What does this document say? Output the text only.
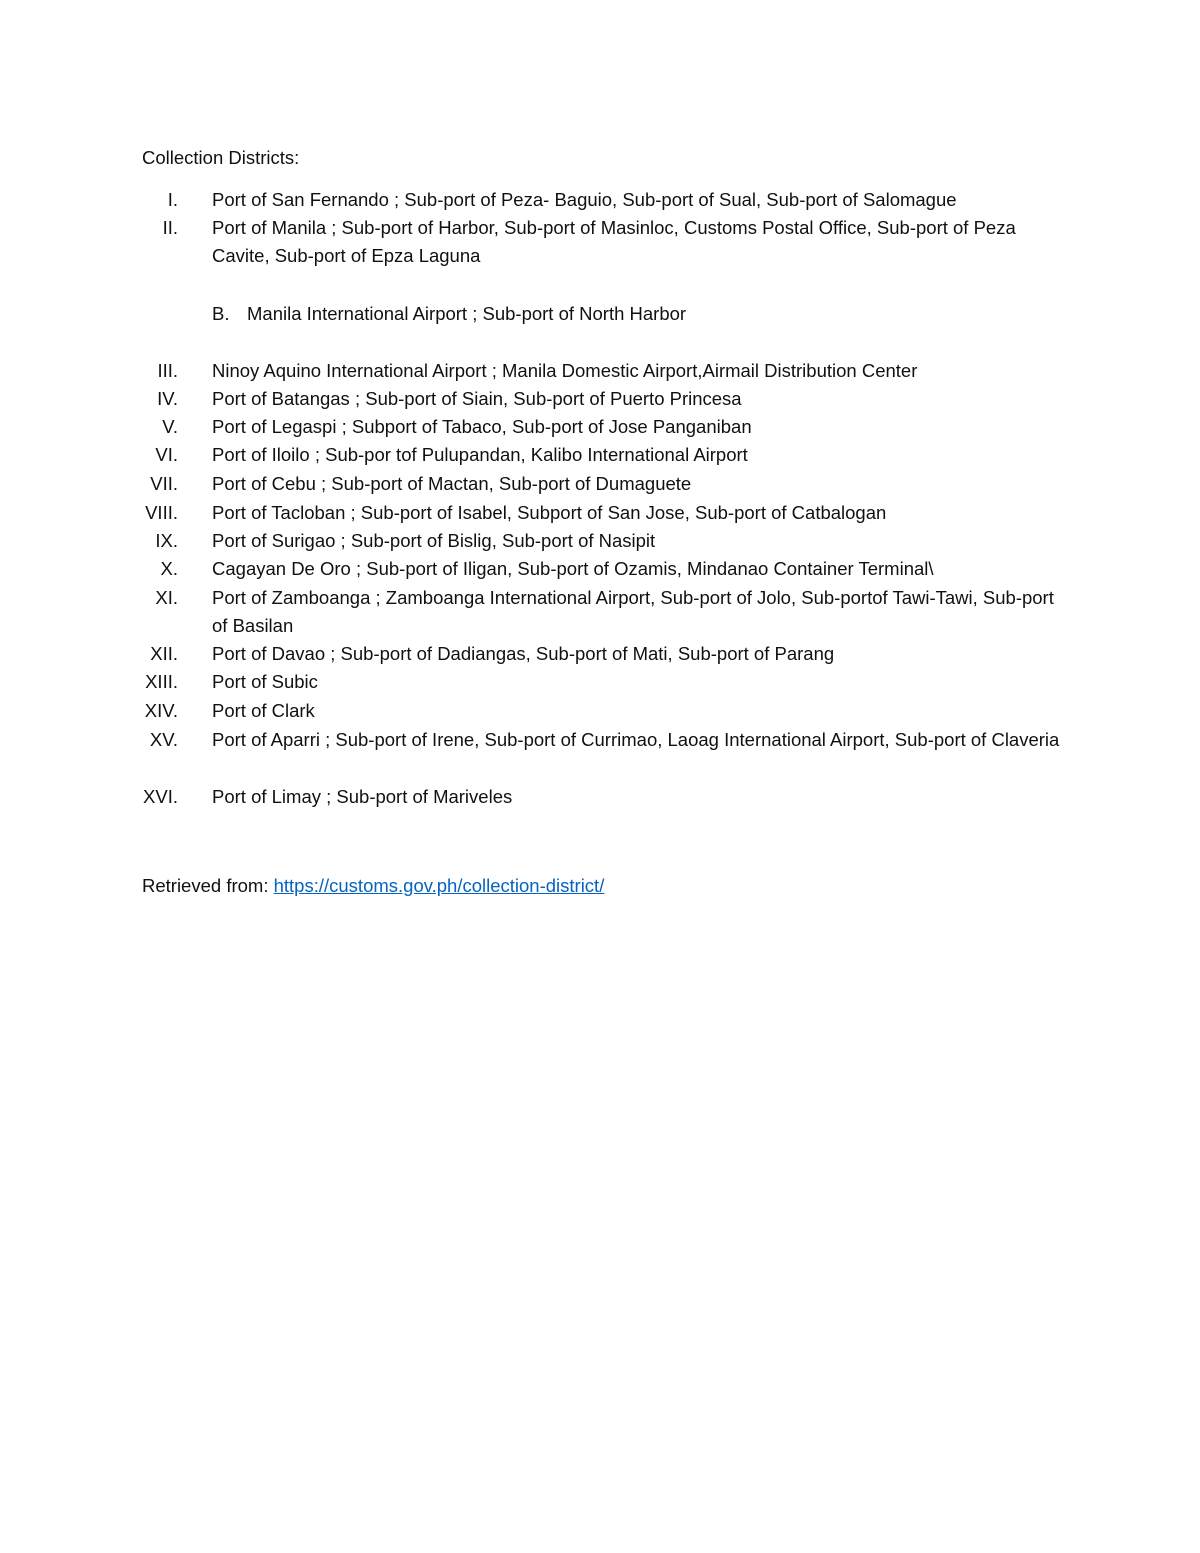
Collection Districts:
I. Port of San Fernando ; Sub-port of Peza- Baguio, Sub-port of Sual, Sub-port of Salomague
II. Port of Manila ; Sub-port of Harbor, Sub-port of Masinloc, Customs Postal Office, Sub-port of Peza Cavite, Sub-port of Epza Laguna
B. Manila International Airport ; Sub-port of North Harbor
III. Ninoy Aquino International Airport ; Manila Domestic Airport,Airmail Distribution Center
IV. Port of Batangas ; Sub-port of Siain, Sub-port of Puerto Princesa
V. Port of Legaspi ; Subport of Tabaco, Sub-port of Jose Panganiban
VI. Port of Iloilo ; Sub-por tof Pulupandan, Kalibo International Airport
VII. Port of Cebu ; Sub-port of Mactan, Sub-port of Dumaguete
VIII. Port of Tacloban ; Sub-port of Isabel, Subport of San Jose, Sub-port of Catbalogan
IX. Port of Surigao ; Sub-port of Bislig, Sub-port of Nasipit
X. Cagayan De Oro ; Sub-port of Iligan, Sub-port of Ozamis, Mindanao Container Terminal\
XI. Port of Zamboanga ; Zamboanga International Airport, Sub-port of Jolo, Sub-portof Tawi-Tawi, Sub-port of Basilan
XII. Port of Davao ; Sub-port of Dadiangas, Sub-port of Mati, Sub-port of Parang
XIII. Port of Subic
XIV. Port of Clark
XV. Port of Aparri ; Sub-port of Irene, Sub-port of Currimao, Laoag International Airport, Sub-port of Claveria
XVI. Port of Limay ; Sub-port of Mariveles
Retrieved from: https://customs.gov.ph/collection-district/
